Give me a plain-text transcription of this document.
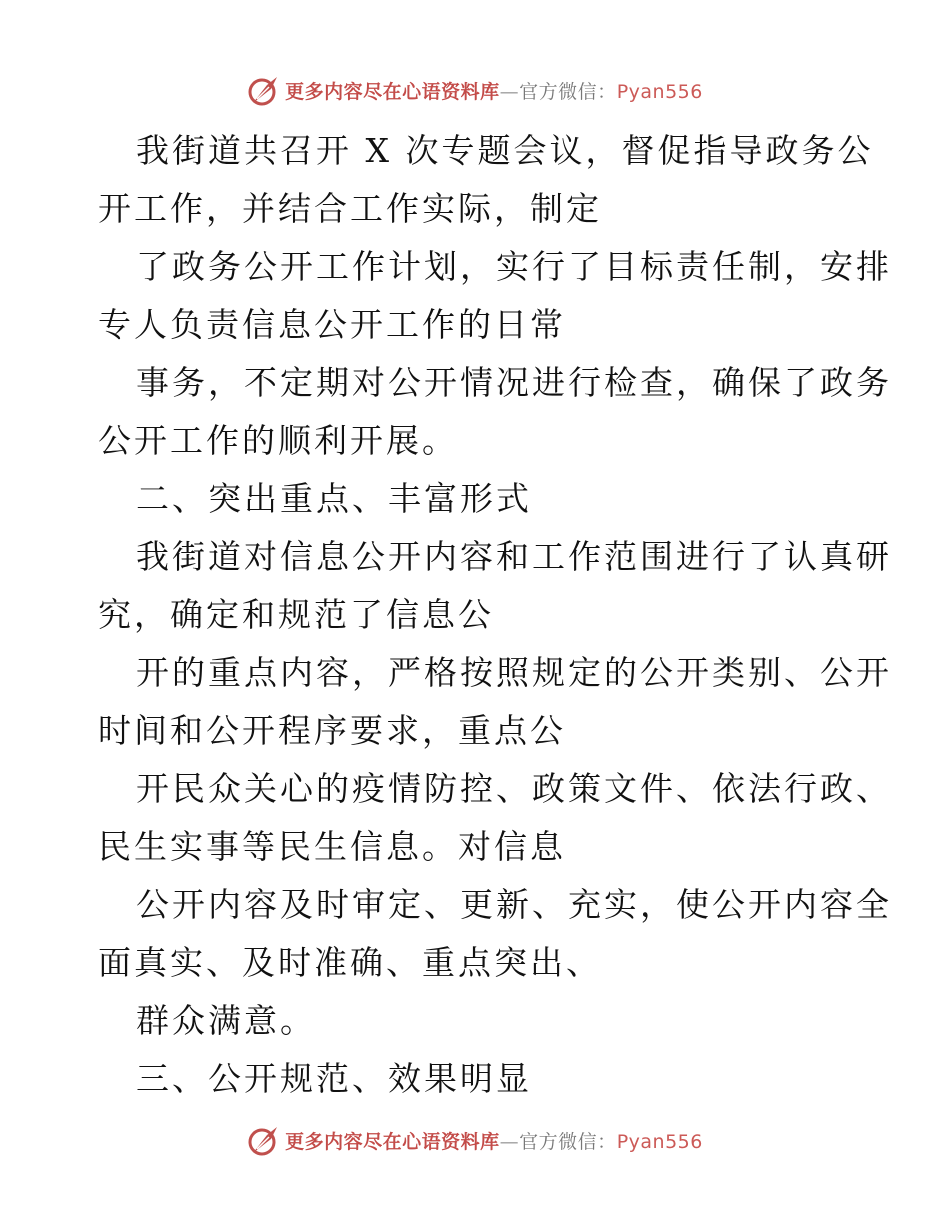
更多内容尽在心语资料库—官方微信：Pyan556
我街道共召开 X 次专题会议，督促指导政务公
开工作，并结合工作实际，制定
了政务公开工作计划，实行了目标责任制，安排
专人负责信息公开工作的日常
事务，不定期对公开情况进行检查，确保了政务
公开工作的顺利开展。
二、突出重点、丰富形式
我街道对信息公开内容和工作范围进行了认真研
究，确定和规范了信息公
开的重点内容，严格按照规定的公开类别、公开
时间和公开程序要求，重点公
开民众关心的疫情防控、政策文件、依法行政、
民生实事等民生信息。对信息
公开内容及时审定、更新、充实，使公开内容全
面真实、及时准确、重点突出、
群众满意。
三、公开规范、效果明显
更多内容尽在心语资料库—官方微信：Pyan556
